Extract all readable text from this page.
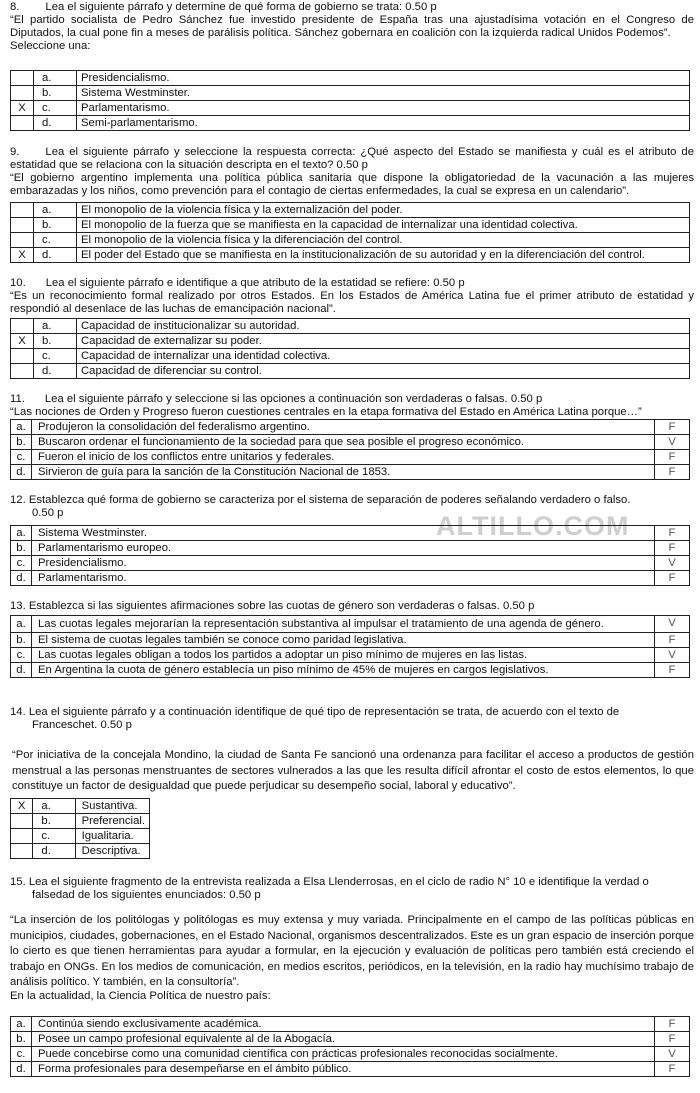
ALTILLO.COM

8. Lea el siguiente párrafo y determine de qué forma de gobierno se trata: 0.50 p

“El partido socialista de Pedro Sánchez fue investido presidente de España tras una ajustadísima votación en el Congreso de Diputados, la cual pone fin a meses de parálisis política. Sánchez gobernara en coalición con la izquierda radical Unidos Podemos”.

Seleccione una:

	a.	Presidencialismo.
	b.	Sistema Westminster.
X	c.	Parlamentarismo.
	d.	Semi-parlamentarismo.

9. Lea el siguiente párrafo y seleccione la respuesta correcta: ¿Qué aspecto del Estado se manifiesta y cuál es el atributo de estatidad que se relaciona con la situación descripta en el texto? 0.50 p

“El gobierno argentino implementa una política pública sanitaria que dispone la obligatoriedad de la vacunación a las mujeres embarazadas y los niños, como prevención para el contagio de ciertas enfermedades, la cual se expresa en un calendario”.

	a.	El monopolio de la violencia física y la externalización del poder.
	b.	El monopolio de la fuerza que se manifiesta en la capacidad de internalizar una identidad colectiva.
	c.	El monopolio de la violencia física y la diferenciación del control.
X	d.	El poder del Estado que se manifiesta en la institucionalización de su autoridad y en la diferenciación del control.

10. Lea el siguiente párrafo e identifique a que atributo de la estatidad se refiere: 0.50 p

“Es un reconocimiento formal realizado por otros Estados. En los Estados de América Latina fue el primer atributo de estatidad y respondió al desenlace de las luchas de emancipación nacional”.

	a.	Capacidad de institucionalizar su autoridad.
X	b.	Capacidad de externalizar su poder.
	c.	Capacidad de internalizar una identidad colectiva.
	d.	Capacidad de diferenciar su control.

11. Lea el siguiente párrafo y seleccione si las opciones a continuación son verdaderas o falsas. 0.50 p

“Las nociones de Orden y Progreso fueron cuestiones centrales en la etapa formativa del Estado en América Latina porque…”

a.	Produjeron la consolidación del federalismo argentino.	F
b.	Buscaron ordenar el funcionamiento de la sociedad para que sea posible el progreso económico.	V
c.	Fueron el inicio de los conflictos entre unitarios y federales.	F
d.	Sirvieron de guía para la sanción de la Constitución Nacional de 1853.	F

12. Establezca qué forma de gobierno se caracteriza por el sistema de separación de poderes señalando verdadero o falso.

0.50 p

a.	Sistema Westminster.	F
b.	Parlamentarismo europeo.	F
c.	Presidencialismo.	V
d.	Parlamentarismo.	F

13. Establezca si las siguientes afirmaciones sobre las cuotas de género son verdaderas o falsas. 0.50 p

a.	Las cuotas legales mejorarían la representación substantiva al impulsar el tratamiento de una agenda de género.	V
b.	El sistema de cuotas legales también se conoce como paridad legislativa.	F
c.	Las cuotas legales obligan a todos los partidos a adoptar un piso mínimo de mujeres en las listas.	V
d.	En Argentina la cuota de género establecía un piso mínimo de 45% de mujeres en cargos legislativos.	F

14. Lea el siguiente párrafo y a continuación identifique de qué tipo de representación se trata, de acuerdo con el texto de

Franceschet. 0.50 p

“Por iniciativa de la concejala Mondino, la ciudad de Santa Fe sancionó una ordenanza para facilitar el acceso a productos de gestión menstrual a las personas menstruantes de sectores vulnerados a las que les resulta difícil afrontar el costo de estos elementos, lo que constituye un factor de desigualdad que puede perjudicar su desempeño social, laboral y educativo”.

X	a.	Sustantiva.
	b.	Preferencial.
	c.	Igualitaria.
	d.	Descriptiva.

15. Lea el siguiente fragmento de la entrevista realizada a Elsa Llenderrosas, en el ciclo de radio N° 10 e identifique la verdad o

falsedad de los siguientes enunciados: 0.50 p

“La inserción de los politólogas y politólogas es muy extensa y muy variada. Principalmente en el campo de las políticas públicas en municipios, ciudades, gobernaciones, en el Estado Nacional, organismos descentralizados. Este es un gran espacio de inserción porque lo cierto es que tienen herramientas para ayudar a formular, en la ejecución y evaluación de políticas pero también está creciendo el trabajo en ONGs. En los medios de comunicación, en medios escritos, periódicos, en la televisión, en la radio hay muchísimo trabajo de análisis político. Y también, en la consultoría”.

En la actualidad, la Ciencia Política de nuestro país:

a.	Continúa siendo exclusivamente académica.	F
b.	Posee un campo profesional equivalente al de la Abogacía.	F
c.	Puede concebirse como una comunidad científica con prácticas profesionales reconocidas socialmente.	V
d.	Forma profesionales para desempeñarse en el ámbito público.	F
